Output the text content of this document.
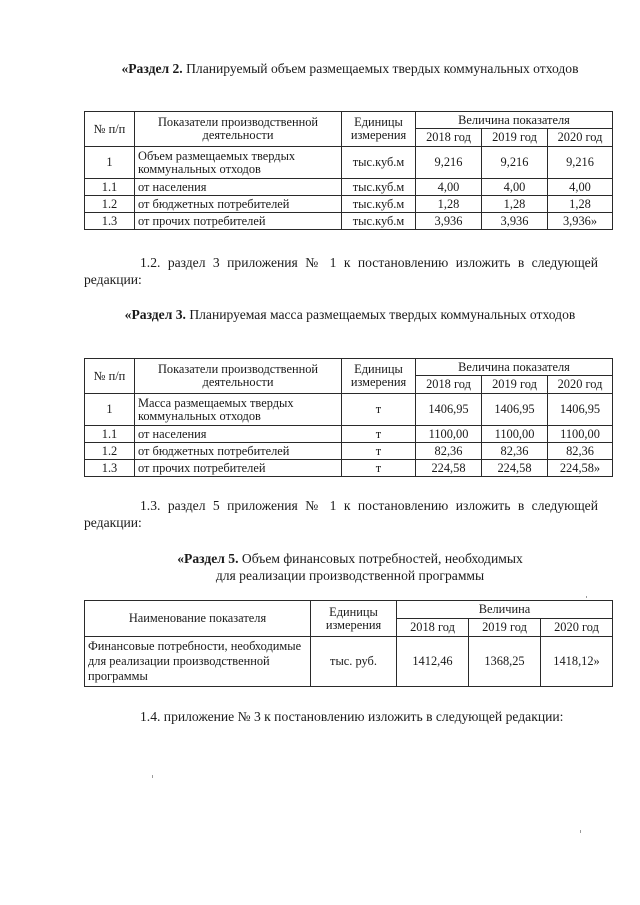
«Раздел 2. Планируемый объем размещаемых твердых коммунальных отходов
№ п/п	Показатели производственной деятельности	Единицы измерения	Величина показателя		
			2018 год	2019 год	2020 год
1	Объем размещаемых твердых коммунальных отходов	тыс.куб.м	9,216	9,216	9,216
1.1	от населения	тыс.куб.м	4,00	4,00	4,00
1.2	от бюджетных потребителей	тыс.куб.м	1,28	1,28	1,28
1.3	от прочих потребителей	тыс.куб.м	3,936	3,936	3,936»
1.2. раздел 3 приложения № 1 к постановлению изложить в следующей редакции:
«Раздел 3. Планируемая масса размещаемых твердых коммунальных отходов
№ п/п	Показатели производственной деятельности	Единицы измерения	Величина показателя		
			2018 год	2019 год	2020 год
1	Масса размещаемых твердых коммунальных отходов	т	1406,95	1406,95	1406,95
1.1	от населения	т	1100,00	1100,00	1100,00
1.2	от бюджетных потребителей	т	82,36	82,36	82,36
1.3	от прочих потребителей	т	224,58	224,58	224,58»
1.3. раздел 5 приложения № 1 к постановлению изложить в следующей редакции:
«Раздел 5. Объем финансовых потребностей, необходимых
для реализации производственной программы
Наименование показателя	Единицы измерения	Величина		
		2018 год	2019 год	2020 год
Финансовые потребности, необходимые для реализации производственной программы	тыс. руб.	1412,46	1368,25	1418,12»
1.4. приложение № 3 к постановлению изложить в следующей редакции:
